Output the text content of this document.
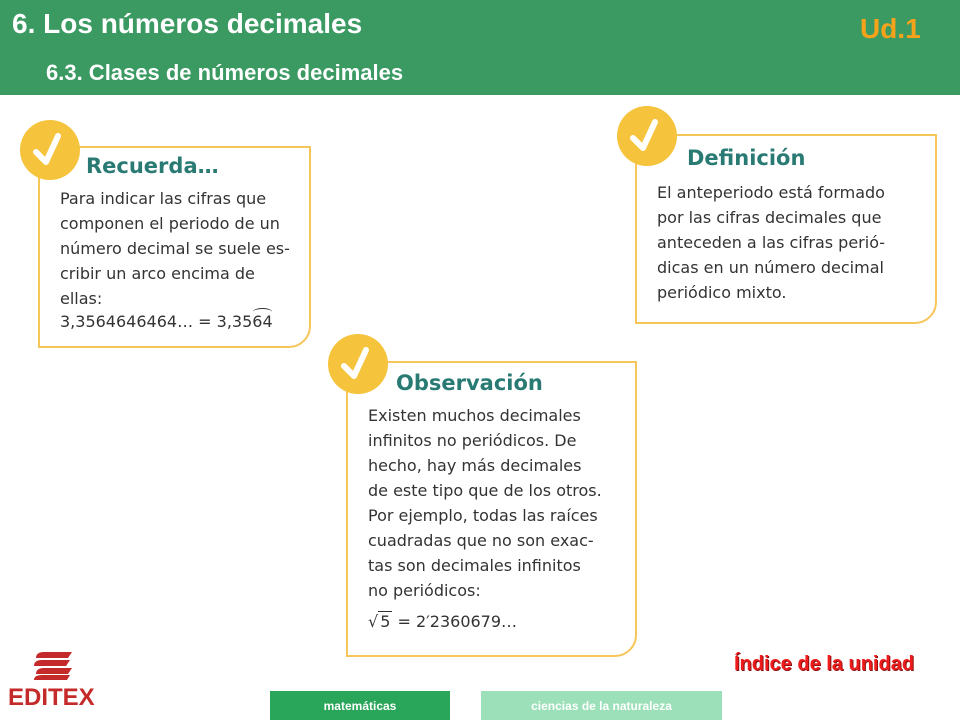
6. Los números decimales
6.3. Clases de números decimales
Ud.1
Recuerda…
Para indicar las cifras que
componen el periodo de un
número decimal se suele es-
cribir un arco encima de
ellas:
3,3564646464… = 3,35
64
Definición
El anteperiodo está formado
por las cifras decimales que
anteceden a las cifras perió-
dicas en un número decimal
periódico mixto.
Observación
Existen muchos decimales
infinitos no periódicos. De
hecho, hay más decimales
de este tipo que de los otros.
Por ejemplo, todas las raíces
cuadradas que no son exac-
tas son decimales infinitos
no periódicos:
√ 5 = 2′2360679…
EDITEX
Índice de la unidad
matemáticas	ciencias de la naturaleza
